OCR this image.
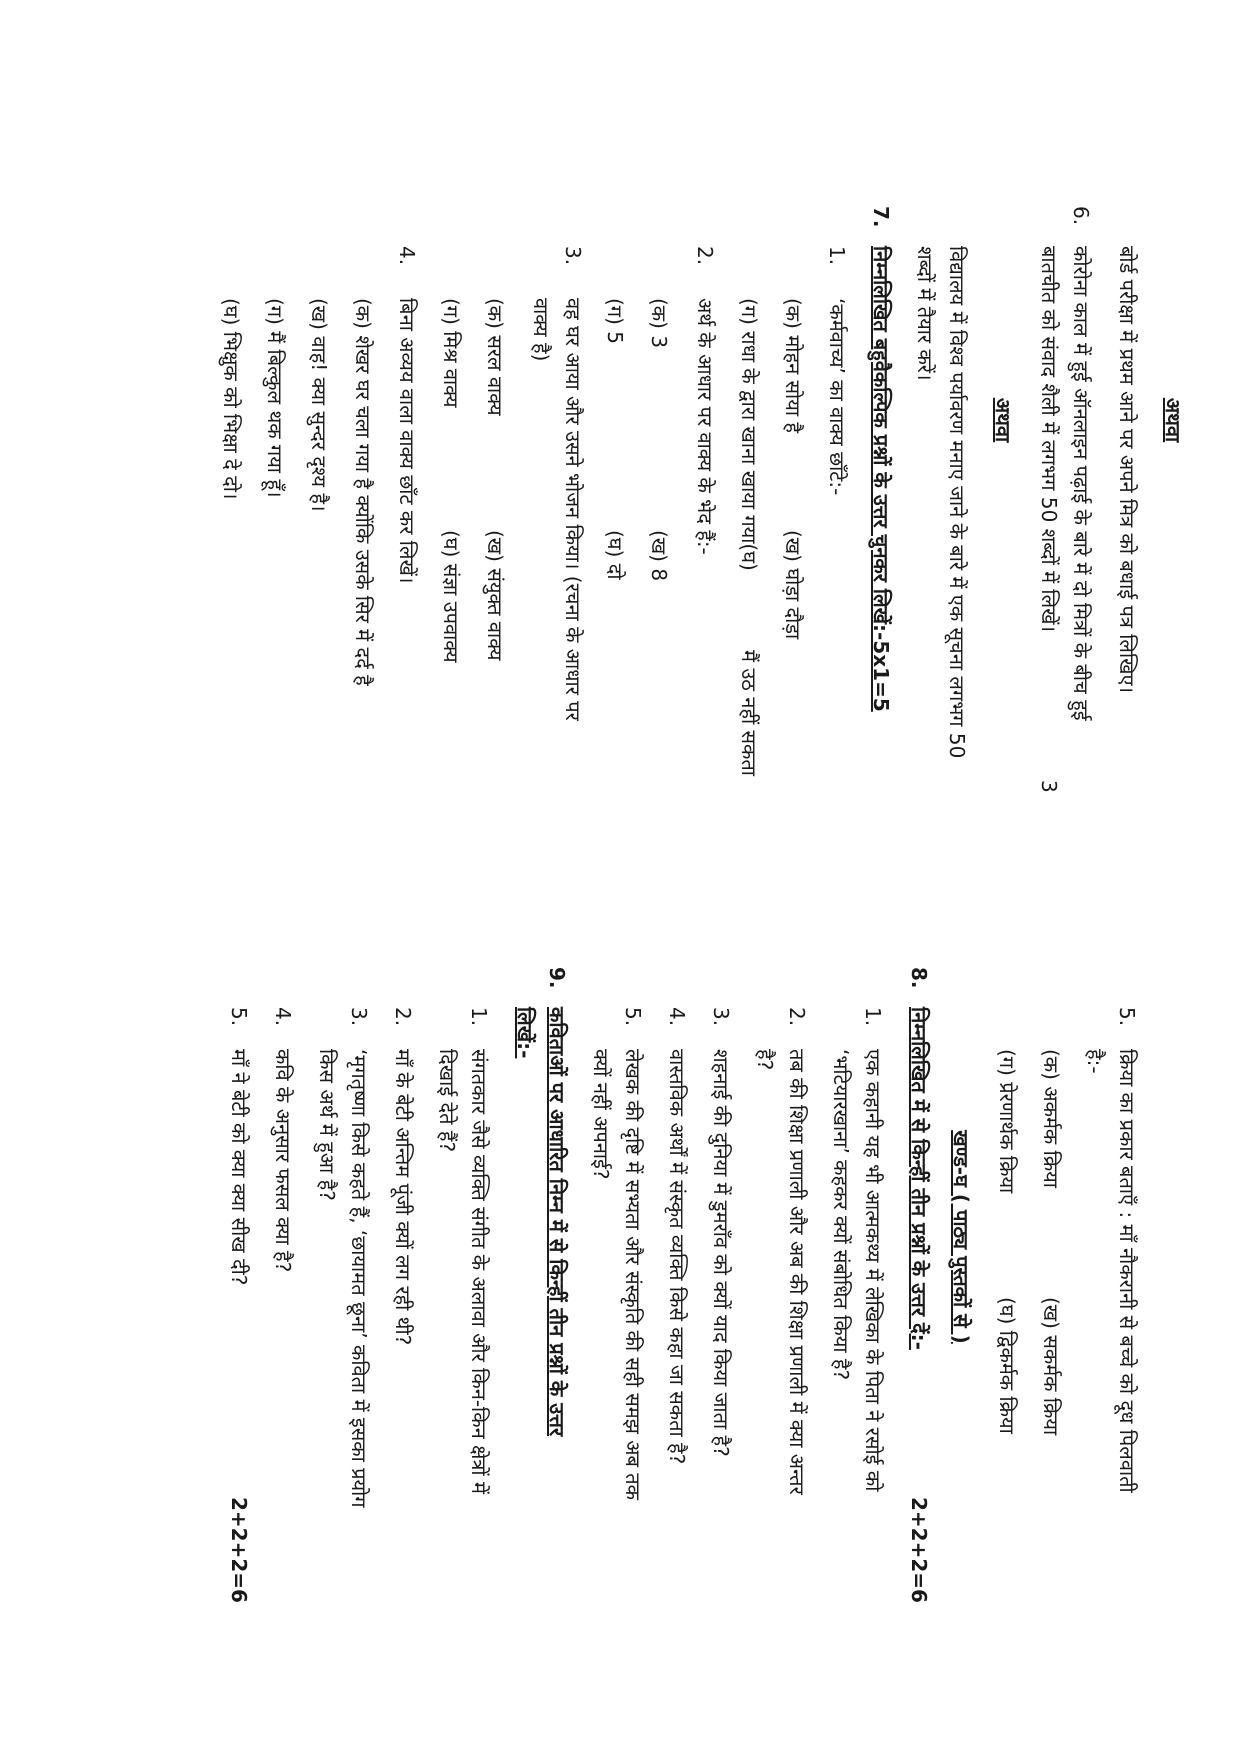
अथवा
बोर्ड परीक्षा में प्रथम आने पर अपने मित्र को बधाई पत्र लिखिए।
6.
कोरोना काल में हुई ऑनलाइन पढ़ाई के बारे में दो मित्रों के बीच हुई
बातचीत को संवाद शैली में लगभग 50 शब्दों में लिखें।
3
अथवा
विद्यालय में विश्व पर्यावरण मनाए जाने के बारे में एक सूचना लगभग 50
शब्दों में तैयार करें।
7.
निम्नलिखित बहुवैकल्पिक प्रश्नों के उत्तर चुनकर लिखें:-5x1=5
1.
‘कर्मवाच्य’ का वाक्य छाँटे:-
(क) मोहन सोया है
(ख) घोड़ा दौड़ा
(ग) राधा के द्वारा खाना खाया गया(घ)
मैं उठ नहीं सकता
2.
अर्थ के आधार पर वाक्य के भेद हैं:-
(क) 3
(ख) 8
(ग) 5
(घ) दो
3.
वह घर आया और उसने भोजन किया। (रचना के आधार पर
वाक्य है)
(क) सरल वाक्य
(ख) संयुक्त वाक्य
(ग) मिश्र वाक्य
(घ) संज्ञा उपवाक्य
4.
बिना अव्यय वाला वाक्य छाँट कर लिखें।
(क) शेखर घर चला गया है क्योंकि उसके सिर में दर्द है
(ख) वाह! क्या सुन्दर दृश्य है।
(ग) मैं बिल्कुल थक गया हूँ।
(घ) भिक्षुक को भिक्षा दे दो।
5.
क्रिया का प्रकार बताएँ : माँ नौकरानी से बच्चे को दूध पिलवाती
है:-
(क) अकर्मक क्रिया
(ख) सकर्मक क्रिया
(ग) प्रेरणार्थक क्रिया
(घ) द्विकर्मक क्रिया
खण्ड-घ ( पाठ्य पुस्तकों से )
8.
निम्नलिखित में से किन्हीं तीन प्रश्नों के उत्तर दें:-
2+2+2=6
1.
एक कहानी यह भी आत्मकथ्य में लेखिका के पिता ने रसोई को
‘भटियारखाना’ कहकर क्यों संबोधित किया है?
2.
तब की शिक्षा प्रणाली और अब की शिक्षा प्रणाली में क्या अन्तर
है?
3.
शहनाई की दुनिया में डुमराँव को क्यों याद किया जाता है?
4.
वास्तविक अर्थों में संस्कृत व्यक्ति किसे कहा जा सकता है?
5.
लेखक की दृष्टि में सभ्यता और संस्कृति की सही समझ अब तक
क्यों नहीं अपनाई?
9.
कविताओं पर आधारित निम्न में से किन्हीं तीन प्रश्नों के उत्तर
लिखें:-
1.
संगतकार जैसे व्यक्ति संगीत के अलावा और किन-किन क्षेत्रों में
दिखाई देते हैं?
2.
माँ के बेटी अन्तिम पूंजी क्यों लग रही थी?
3.
‘मृगतृष्णा किसे कहते हैं, ‘छायामत छूना’ कविता में इसका प्रयोग
किस अर्थ में हुआ है?
4.
कवि के अनुसार फसल क्या है?
5.
माँ ने बेटी को क्या क्या सीख दी?
2+2+2=6
